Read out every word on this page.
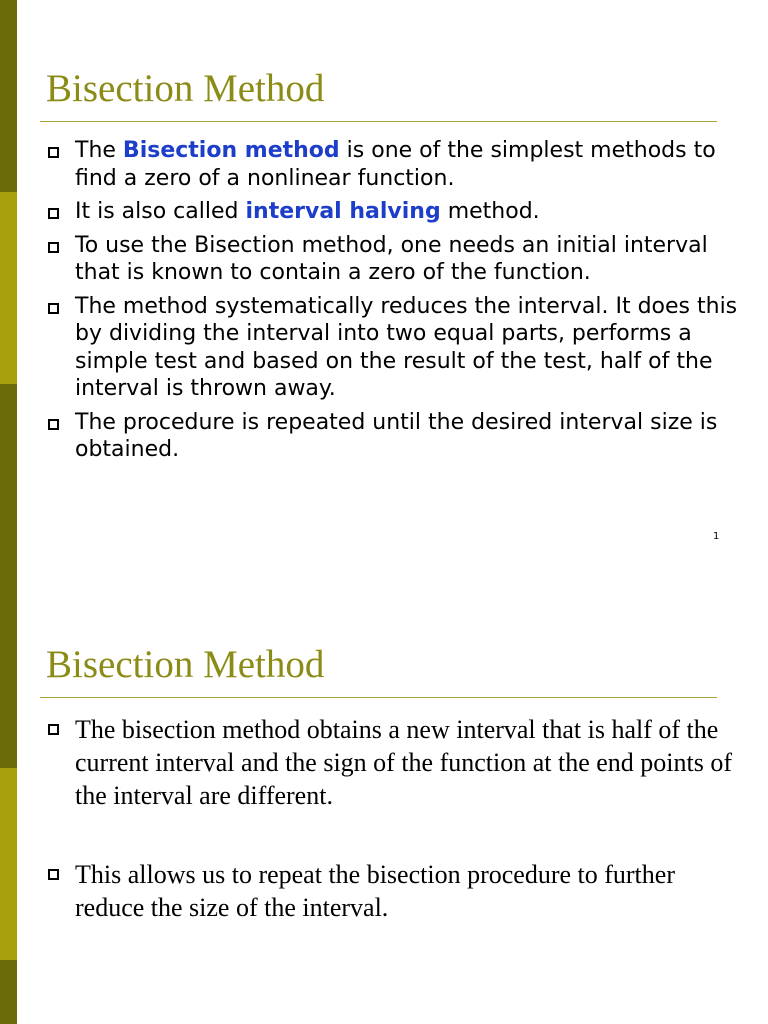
Bisection Method
The Bisection method is one of the simplest methods to find a zero of a nonlinear function.
It is also called interval halving method.
To use the Bisection method, one needs an initial interval that is known to contain a zero of the function.
The method systematically reduces the interval. It does this by dividing the interval into two equal parts, performs a simple test and based on the result of the test, half of the interval is thrown away.
The procedure is repeated until the desired interval size is obtained.
1
Bisection Method
The bisection method obtains a new interval that is half of the current interval and the sign of the function at the end points of the interval are different.
This allows us to repeat the bisection procedure to further reduce the size of the interval.
